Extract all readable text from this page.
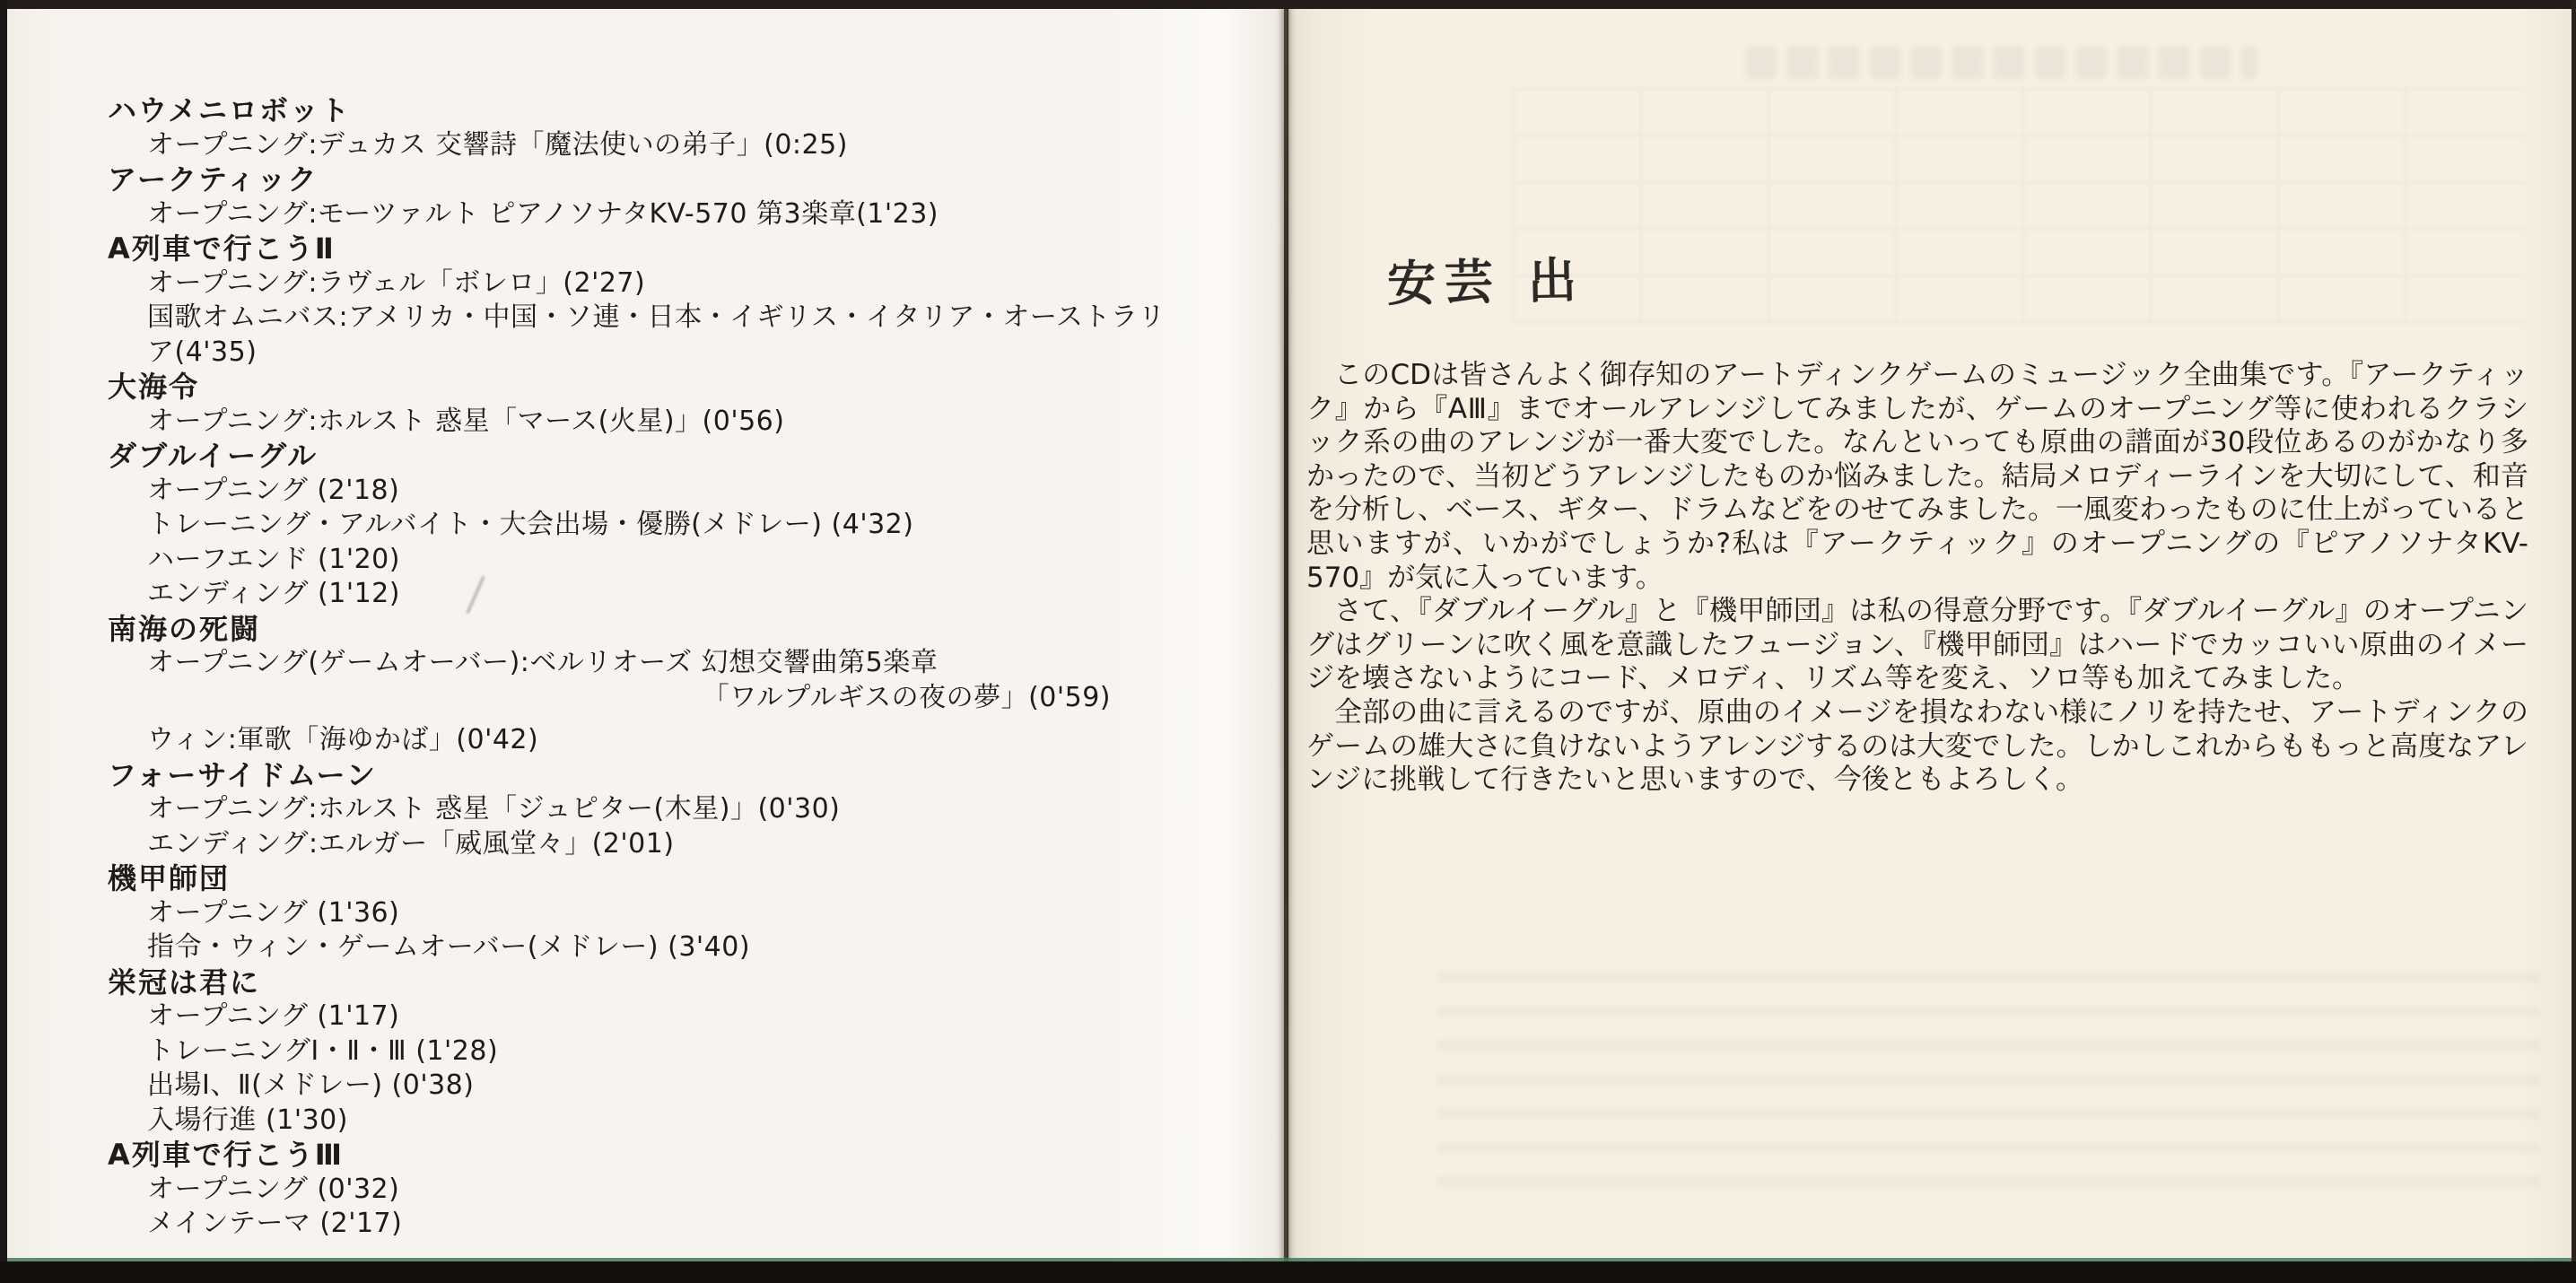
ハウメニロボット
オープニング:デュカス 交響詩「魔法使いの弟子」(0:25)
アークティック
オープニング:モーツァルト ピアノソナタKV-570 第3楽章(1'23)
A列車で行こうⅡ
オープニング:ラヴェル「ボレロ」(2'27)
国歌オムニバス:アメリカ・中国・ソ連・日本・イギリス・イタリア・オーストラリア(4'35)
大海令
オープニング:ホルスト 惑星「マース(火星)」(0'56)
ダブルイーグル
オープニング (2'18)
トレーニング・アルバイト・大会出場・優勝(メドレー) (4'32)
ハーフエンド (1'20)
エンディング (1'12)
南海の死闘
オープニング(ゲームオーバー):ベルリオーズ 幻想交響曲第5楽章
「ワルプルギスの夜の夢」(0'59)
ウィン:軍歌「海ゆかば」(0'42)
フォーサイドムーン
オープニング:ホルスト 惑星「ジュピター(木星)」(0'30)
エンディング:エルガー「威風堂々」(2'01)
機甲師団
オープニング (1'36)
指令・ウィン・ゲームオーバー(メドレー) (3'40)
栄冠は君に
オープニング (1'17)
トレーニングⅠ・Ⅱ・Ⅲ (1'28)
出場Ⅰ、Ⅱ(メドレー) (0'38)
入場行進 (1'30)
A列車で行こうⅢ
オープニング (0'32)
メインテーマ (2'17)
安芸 出

このCDは皆さんよく御存知のアートディンクゲームのミュージック全曲集です。『アークティック』から『AⅢ』までオールアレンジしてみましたが、ゲームのオープニング等に使われるクラシック系の曲のアレンジが一番大変でした。なんといっても原曲の譜面が30段位あるのがかなり多かったので、当初どうアレンジしたものか悩みました。結局メロディーラインを大切にして、和音を分析し、ベース、ギター、ドラムなどをのせてみました。一風変わったものに仕上がっていると思いますが、いかがでしょうか?私は『アークティック』のオープニングの『ピアノソナタKV-570』が気に入っています。

さて、『ダブルイーグル』と『機甲師団』は私の得意分野です。『ダブルイーグル』のオープニングはグリーンに吹く風を意識したフュージョン、『機甲師団』はハードでカッコいい原曲のイメージを壊さないようにコード、メロディ、リズム等を変え、ソロ等も加えてみました。

全部の曲に言えるのですが、原曲のイメージを損なわない様にノリを持たせ、アートディンクのゲームの雄大さに負けないようアレンジするのは大変でした。しかしこれからももっと高度なアレンジに挑戦して行きたいと思いますので、今後ともよろしく。
